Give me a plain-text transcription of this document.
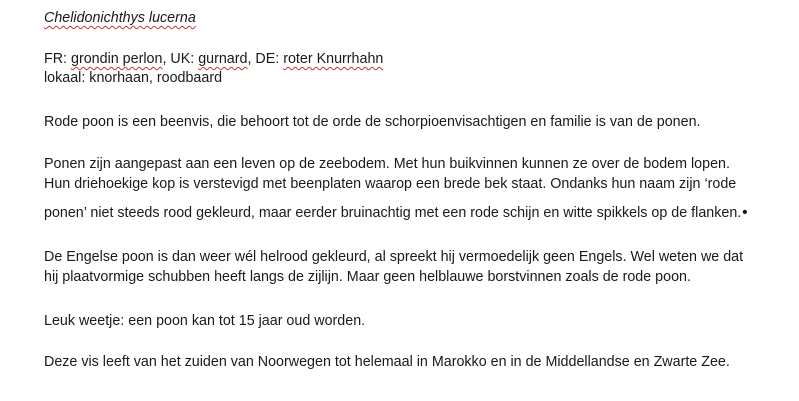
Chelidonichthys lucerna
FR: grondin perlon, UK: gurnard, DE: roter Knurrhahn
lokaal: knorhaan, roodbaard
Rode poon is een beenvis, die behoort tot de orde de schorpioenvisachtigen en familie is van de ponen.
Ponen zijn aangepast aan een leven op de zeebodem. Met hun buikvinnen kunnen ze over de bodem lopen.
Hun driehoekige kop is verstevigd met beenplaten waarop een brede bek staat. Ondanks hun naam zijn ‘rode
ponen’ niet steeds rood gekleurd, maar eerder bruinachtig met een rode schijn en witte spikkels op de flanken.•
De Engelse poon is dan weer wél helrood gekleurd, al spreekt hij vermoedelijk geen Engels. Wel weten we dat
hij plaatvormige schubben heeft langs de zijlijn. Maar geen helblauwe borstvinnen zoals de rode poon.
Leuk weetje: een poon kan tot 15 jaar oud worden.
Deze vis leeft van het zuiden van Noorwegen tot helemaal in Marokko en in de Middellandse en Zwarte Zee.
